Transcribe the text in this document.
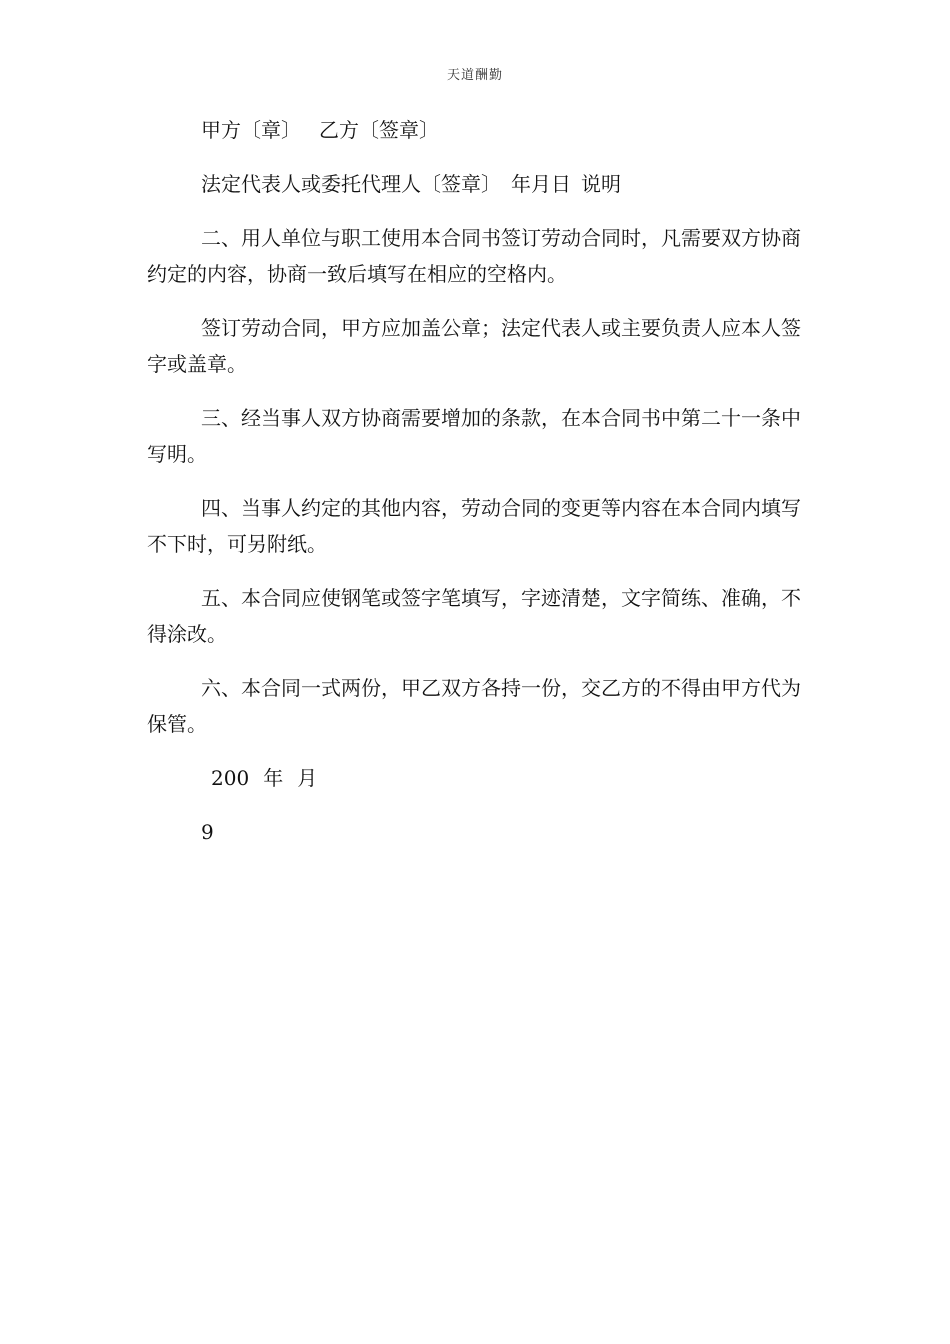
天道酬勤
甲方〔章〕 乙方〔签章〕
法定代表人或委托代理人〔签章〕 年月日 说明

二、用人单位与职工使用本合同书签订劳动合同时，凡需要双方协商约定的内容，协商一致后填写在相应的空格内。

签订劳动合同，甲方应加盖公章；法定代表人或主要负责人应本人签字或盖章。

三、经当事人双方协商需要增加的条款，在本合同书中第二十一条中写明。

四、当事人约定的其他内容，劳动合同的变更等内容在本合同内填写不下时，可另附纸。

五、本合同应使钢笔或签字笔填写，字迹清楚，文字简练、准确，不得涂改。

六、本合同一式两份，甲乙双方各持一份，交乙方的不得由甲方代为保管。

200 年 月

9
